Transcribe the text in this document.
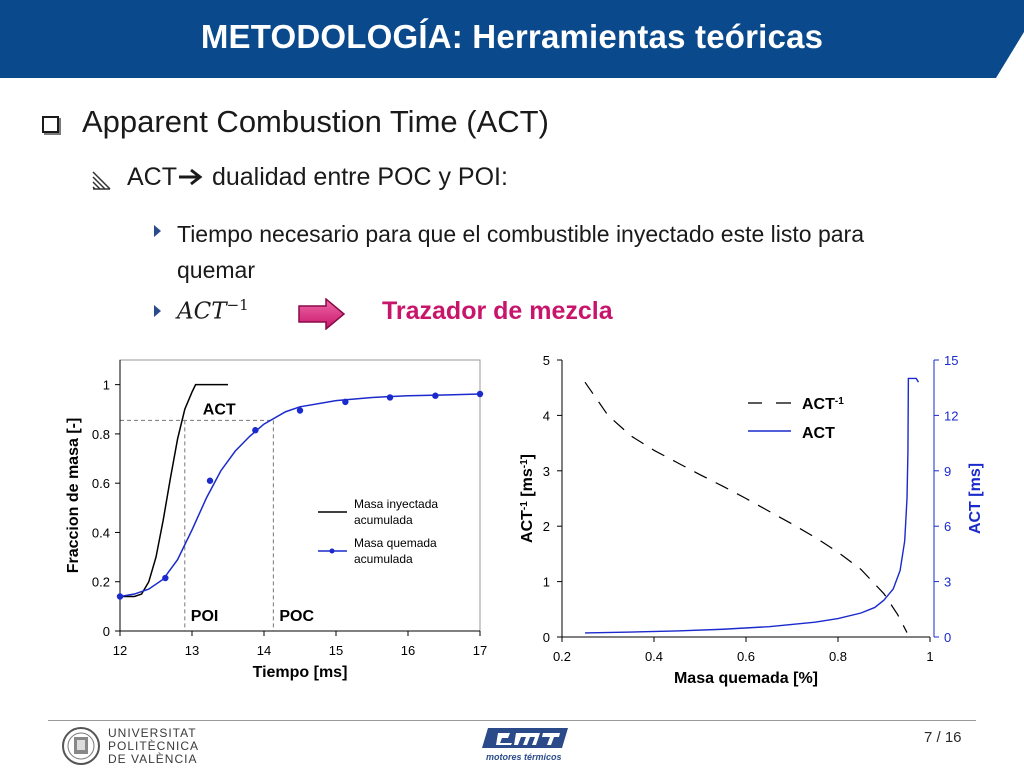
METODOLOGÍA: Herramientas teóricas
Apparent Combustion Time (ACT)
ACT dualidad entre POC y POI:
Tiempo necesario para que el combustible inyectado este listo para quemar
$ACT^{-1}$	Trazador de mezcla
12	13	14	15	16	17
0
0.2
0.4
0.6
0.8
1
ACT
POI	POC
Tiempo [ms]
Fraccion de masa [-]	Masa inyectada
acumulada
Masa quemada
acumulada
0.2	0.4	0.6	0.8	1
0
1
2
3
4
5
0
3
6
9
12
15
Masa quemada [%]
$ACT^{-1}$ $[ms^{-1}]$
ACT [ms]
$ACT^{-1}$
ACT
UNIVERSITAT
POLITÈCNICA
DE VALÈNCIA	motores térmicos
7 / 16
